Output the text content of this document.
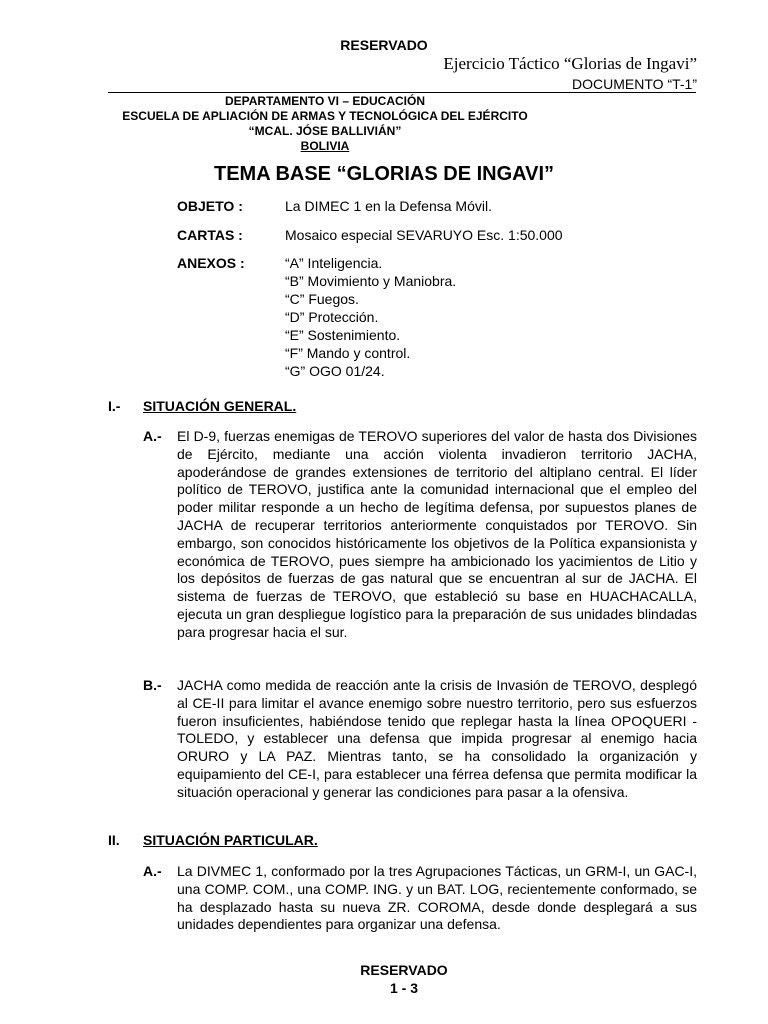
RESERVADO
Ejercicio Táctico “Glorias de Ingavi”
DOCUMENTO “T-1”
DEPARTAMENTO VI – EDUCACIÓN
ESCUELA DE APLIACIÓN DE ARMAS Y TECNOLÓGICA DEL EJÉRCITO
“MCAL. JÓSE BALLIVIÁN”
BOLIVIA
TEMA BASE “GLORIAS DE INGAVI”
OBJETO :	La DIMEC 1 en la Defensa Móvil.
CARTAS :	Mosaico especial SEVARUYO Esc. 1:50.000
ANEXOS :	“A” Inteligencia.
“B” Movimiento y Maniobra.
“C” Fuegos.
“D” Protección.
“E” Sostenimiento.
“F” Mando y control.
“G” OGO 01/24.
I.- SITUACIÓN GENERAL.
A.- El D-9, fuerzas enemigas de TEROVO superiores del valor de hasta dos Divisiones de Ejército, mediante una acción violenta invadieron territorio JACHA, apoderándose de grandes extensiones de territorio del altiplano central. El líder político de TEROVO, justifica ante la comunidad internacional que el empleo del poder militar responde a un hecho de legítima defensa, por supuestos planes de JACHA de recuperar territorios anteriormente conquistados por TEROVO. Sin embargo, son conocidos históricamente los objetivos de la Política expansionista y económica de TEROVO, pues siempre ha ambicionado los yacimientos de Litio y los depósitos de fuerzas de gas natural que se encuentran al sur de JACHA. El sistema de fuerzas de TEROVO, que estableció su base en HUACHACALLA, ejecuta un gran despliegue logístico para la preparación de sus unidades blindadas para progresar hacia el sur.
B.- JACHA como medida de reacción ante la crisis de Invasión de TEROVO, desplegó al CE-II para limitar el avance enemigo sobre nuestro territorio, pero sus esfuerzos fueron insuficientes, habiéndose tenido que replegar hasta la línea OPOQUERI - TOLEDO, y establecer una defensa que impida progresar al enemigo hacia ORURO y LA PAZ. Mientras tanto, se ha consolidado la organización y equipamiento del CE-I, para establecer una férrea defensa que permita modificar la situación operacional y generar las condiciones para pasar a la ofensiva.
II. SITUACIÓN PARTICULAR.
A.- La DIVMEC 1, conformado por la tres Agrupaciones Tácticas, un GRM-I, un GAC-I, una COMP. COM., una COMP. ING. y un BAT. LOG, recientemente conformado, se ha desplazado hasta su nueva ZR. COROMA, desde donde desplegará a sus unidades dependientes para organizar una defensa.
RESERVADO
1 - 3
